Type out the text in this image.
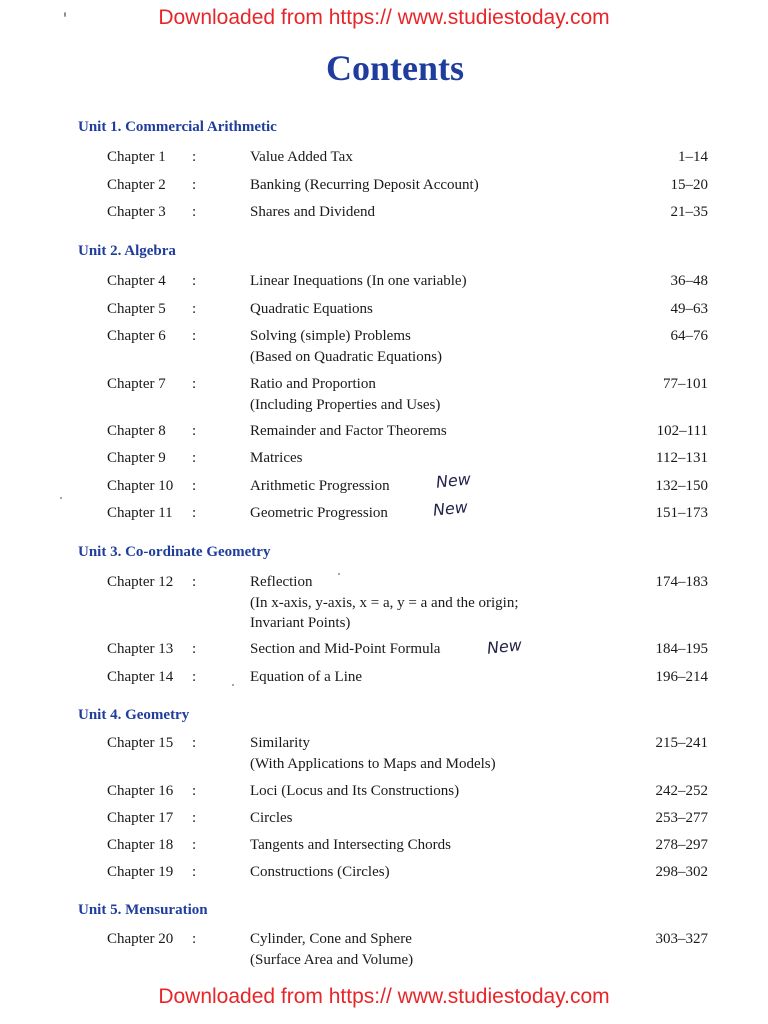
Downloaded from https:// www.studiestoday.com
Contents
Unit 1. Commercial Arithmetic
Chapter 1 :	Value Added Tax	1–14
Chapter 2 :	Banking (Recurring Deposit Account)	15–20
Chapter 3 :	Shares and Dividend	21–35
Unit 2. Algebra
Chapter 4 :	Linear Inequations (In one variable)	36–48
Chapter 5 :	Quadratic Equations	49–63
Chapter 6 :	Solving (simple) Problems
(Based on Quadratic Equations)
64–76
Chapter 7 :	Ratio and Proportion
(Including Properties and Uses)
77–101
Chapter 8 :	Remainder and Factor Theorems	102–111
Chapter 9 :	Matrices	112–131
Chapter 10 :	Arithmetic Progression	132–150
New
Chapter 11 :	Geometric Progression	151–173
New
Unit 3. Co-ordinate Geometry
Chapter 12 :	Reflection
(In x-axis, y-axis, x = a, y = a and the origin; Invariant Points)
174–183
Chapter 13 :	Section and Mid-Point Formula	184–195
New
Chapter 14 :	Equation of a Line	196–214
Unit 4. Geometry
Chapter 15 :	Similarity
(With Applications to Maps and Models)
215–241
Chapter 16 :	Loci (Locus and Its Constructions)	242–252
Chapter 17 :	Circles	253–277
Chapter 18 :	Tangents and Intersecting Chords	278–297
Chapter 19 :	Constructions (Circles)	298–302
Unit 5. Mensuration
Chapter 20 :	Cylinder, Cone and Sphere
(Surface Area and Volume)
303–327
Downloaded from https:// www.studiestoday.com
